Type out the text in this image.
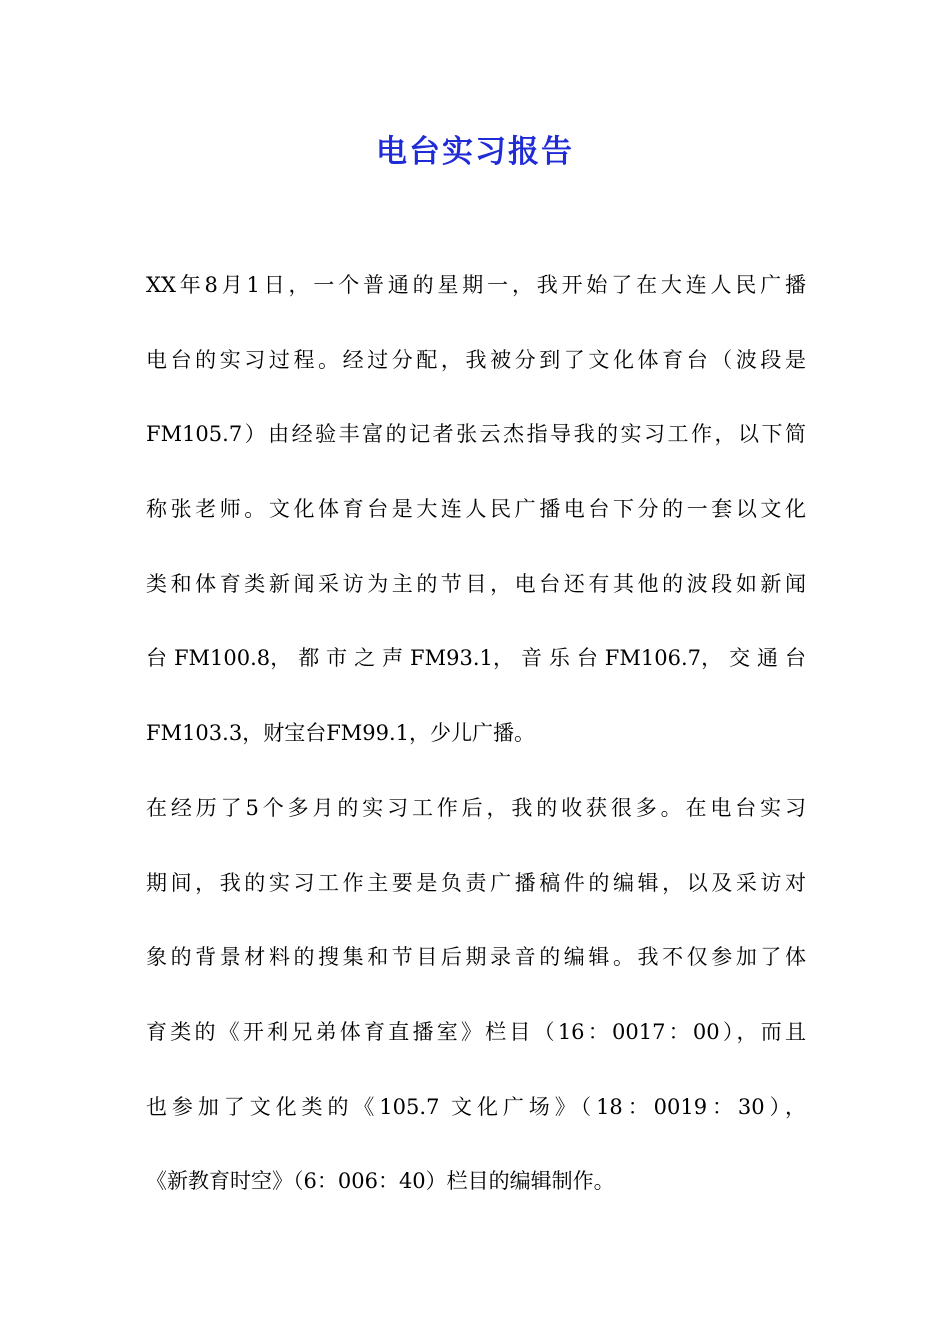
电台实习报告
XX年8月1日，一个普通的星期一，我开始了在大连人民广播
电台的实习过程。经过分配，我被分到了文化体育台（波段是
FM105.7）由经验丰富的记者张云杰指导我的实习工作，以下简
称张老师。文化体育台是大连人民广播电台下分的一套以文化
类和体育类新闻采访为主的节目，电台还有其他的波段如新闻
台 FM100.8， 都 市 之 声 FM93.1， 音 乐 台 FM106.7， 交 通 台
FM103.3，财宝台FM99.1，少儿广播。
在经历了5个多月的实习工作后，我的收获很多。在电台实习
期间，我的实习工作主要是负责广播稿件的编辑，以及采访对
象的背景材料的搜集和节目后期录音的编辑。我不仅参加了体
育类的《开利兄弟体育直播室》栏目（16：0017：00），而且
也参加了文化类的《105.7 文化广场》（18：0019：30），
《新教育时空》（6：006：40）栏目的编辑制作。
